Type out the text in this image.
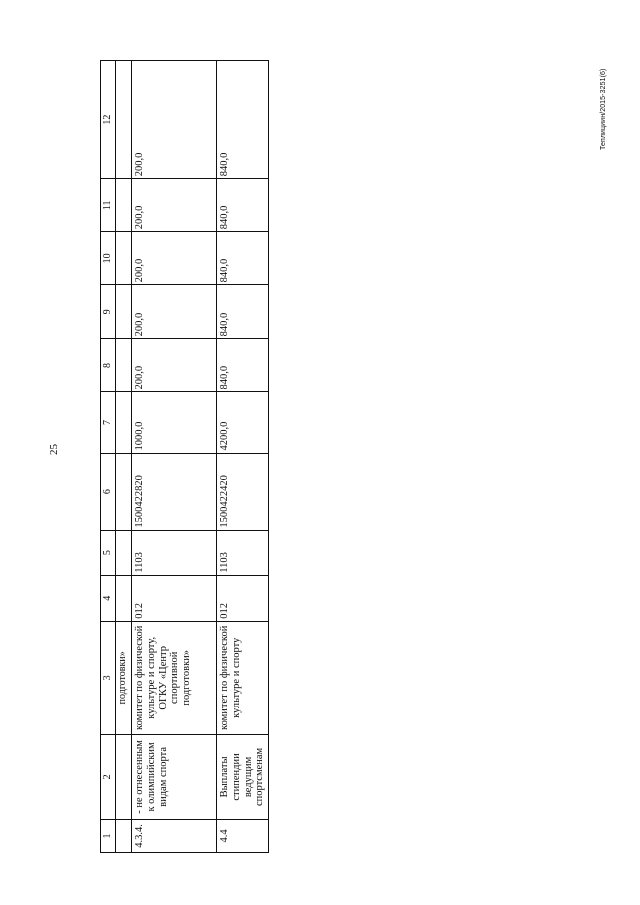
25
Теплициин/2015-3251(6)
1	2	3	4	5	6	7	8	9	10	11	12
		подготовки»									
4.3.4.	- не отнесенным к олимпийским видам спорта	комитет по физической культуре и спорту, ОГКУ «Центр спортивной подготовки»	012	1103	1500422820	1000,0	200,0	200,0	200,0	200,0	200,0
4.4	Выплаты стипендии ведущим спортсменам	комитет по физической культуре и спорту	012	1103	1500422420	4200,0	840,0	840,0	840,0	840,0	840,0
